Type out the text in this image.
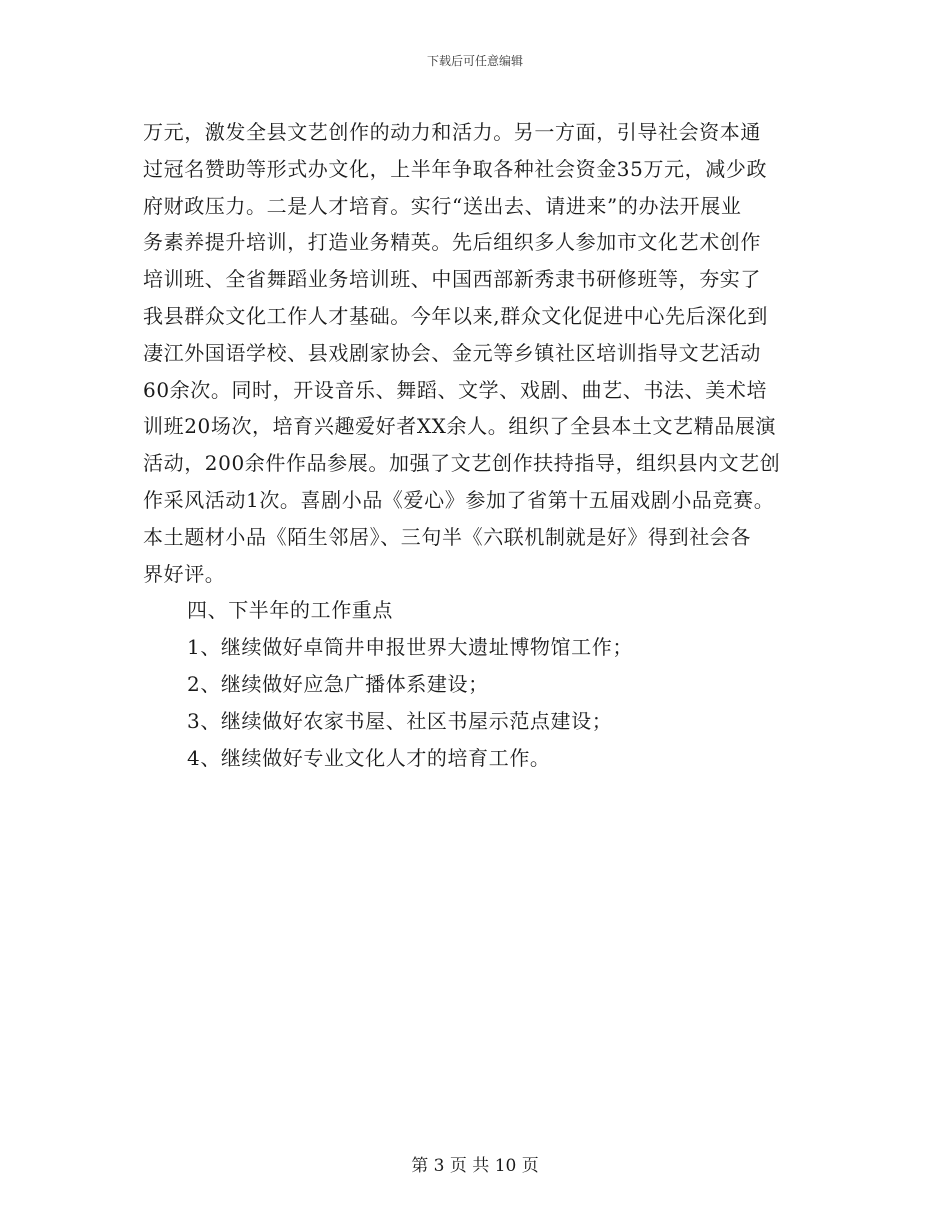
下载后可任意编辑
万元，激发全县文艺创作的动力和活力。另一方面，引导社会资本通
过冠名赞助等形式办文化，上半年争取各种社会资金35万元，减少政
府财政压力。二是人才培育。实行“送出去、请进来”的办法开展业
务素养提升培训，打造业务精英。先后组织多人参加市文化艺术创作
培训班、全省舞蹈业务培训班、中国西部新秀隶书研修班等，夯实了
我县群众文化工作人才基础。今年以来,群众文化促进中心先后深化到
凄江外国语学校、县戏剧家协会、金元等乡镇社区培训指导文艺活动
60余次。同时，开设音乐、舞蹈、文学、戏剧、曲艺、书法、美术培
训班20场次，培育兴趣爱好者XX余人。组织了全县本土文艺精品展演
活动，200余件作品参展。加强了文艺创作扶持指导，组织县内文艺创
作采风活动1次。喜剧小品《爱心》参加了省第十五届戏剧小品竞赛。
本土题材小品《陌生邻居》、三句半《六联机制就是好》得到社会各
界好评。
四、下半年的工作重点
1、继续做好卓筒井申报世界大遗址博物馆工作；
2、继续做好应急广播体系建设；
3、继续做好农家书屋、社区书屋示范点建设；
4、继续做好专业文化人才的培育工作。
第 3 页 共 10 页
